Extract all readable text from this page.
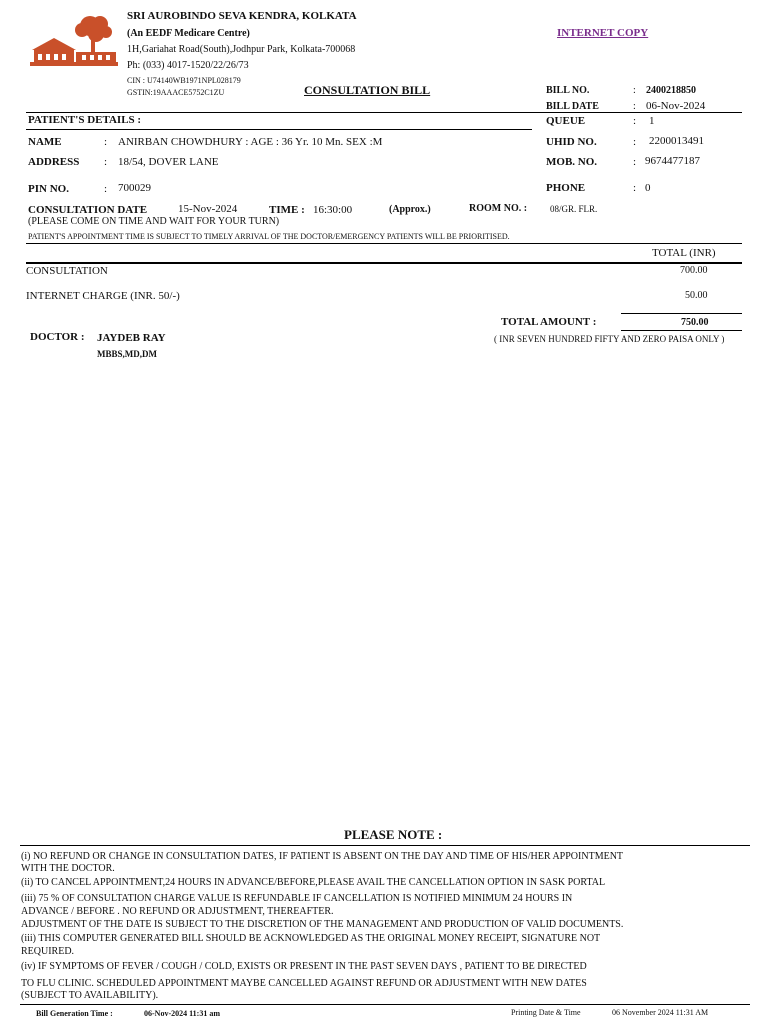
SRI AUROBINDO SEVA KENDRA, KOLKATA
(An EEDF Medicare Centre)
1H,Gariahat Road(South),Jodhpur Park, Kolkata-700068
Ph: (033) 4017-1520/22/26/73
CIN : U74140WB1971NPL028179
GSTIN:19AAACE5752C1ZU
INTERNET COPY
CONSULTATION BILL	BILL NO.	: 2400218850
BILL DATE	: 06-Nov-2024
PATIENT'S DETAILS :	QUEUE	: 1
NAME	: ANIRBAN CHOWDHURY : AGE : 36 Yr. 10 Mn. SEX :M	UHID NO.	: 2200013491
ADDRESS : 18/54, DOVER LANE	MOB. NO.	: 9674477187
PIN NO.	: 700029	PHONE	: 0
CONSULTATION DATE	15-Nov-2024	TIME : 16:30:00	(Approx.)	ROOM NO. :	08/GR. FLR.
(PLEASE COME ON TIME AND WAIT FOR YOUR TURN)
PATIENT'S APPOINTMENT TIME IS SUBJECT TO TIMELY ARRIVAL OF THE DOCTOR/EMERGENCY PATIENTS WILL BE PRIORITISED.
TOTAL (INR)
CONSULTATION	700.00
INTERNET CHARGE (INR. 50/-)	50.00
TOTAL AMOUNT :	750.00
( INR SEVEN HUNDRED FIFTY AND ZERO PAISA ONLY )
DOCTOR : JAYDEB RAY
MBBS,MD,DM
PLEASE NOTE :
(i) NO REFUND OR CHANGE IN CONSULTATION DATES, IF PATIENT IS ABSENT ON THE DAY AND TIME OF HIS/HER APPOINTMENT
WITH THE DOCTOR.
(ii) TO CANCEL APPOINTMENT,24 HOURS IN ADVANCE/BEFORE,PLEASE AVAIL THE CANCELLATION OPTION IN SASK PORTAL
(iii) 75 % OF CONSULTATION CHARGE VALUE IS REFUNDABLE IF CANCELLATION IS NOTIFIED MINIMUM 24 HOURS IN
ADVANCE / BEFORE . NO REFUND OR ADJUSTMENT, THEREAFTER.
ADJUSTMENT OF THE DATE IS SUBJECT TO THE DISCRETION OF THE MANAGEMENT AND PRODUCTION OF VALID DOCUMENTS.
(iii) THIS COMPUTER GENERATED BILL SHOULD BE ACKNOWLEDGED AS THE ORIGINAL MONEY RECEIPT, SIGNATURE NOT
REQUIRED.
(iv) IF SYMPTOMS OF FEVER / COUGH / COLD, EXISTS OR PRESENT IN THE PAST SEVEN DAYS , PATIENT TO BE DIRECTED
TO FLU CLINIC. SCHEDULED APPOINTMENT MAYBE CANCELLED AGAINST REFUND OR ADJUSTMENT WITH NEW DATES
(SUBJECT TO AVAILABILITY).
Bill Generation Time :	06-Nov-2024 11:31 am	Printing Date & Time	06 November 2024 11:31 AM
